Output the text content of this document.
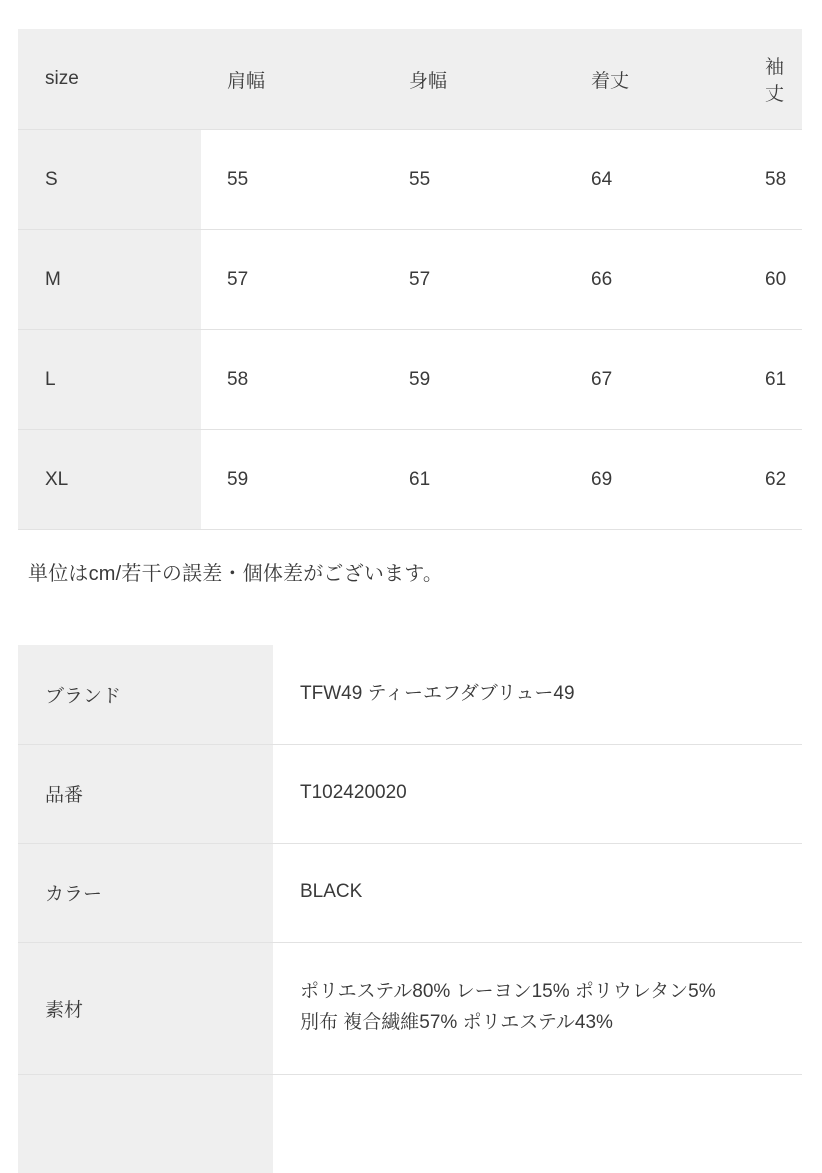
size	肩幅	身幅	着丈	袖丈
S	55	55	64	58
M	57	57	66	60
L	58	59	67	61
XL	59	61	69	62

単位はcm/若干の誤差・個体差がございます。

ブランド	TFW49 ティーエフダブリュー49
品番	T102420020
カラー	BLACK
素材	ポリエステル80% レーヨン15% ポリウレタン5%
別布 複合繊維57% ポリエステル43%
